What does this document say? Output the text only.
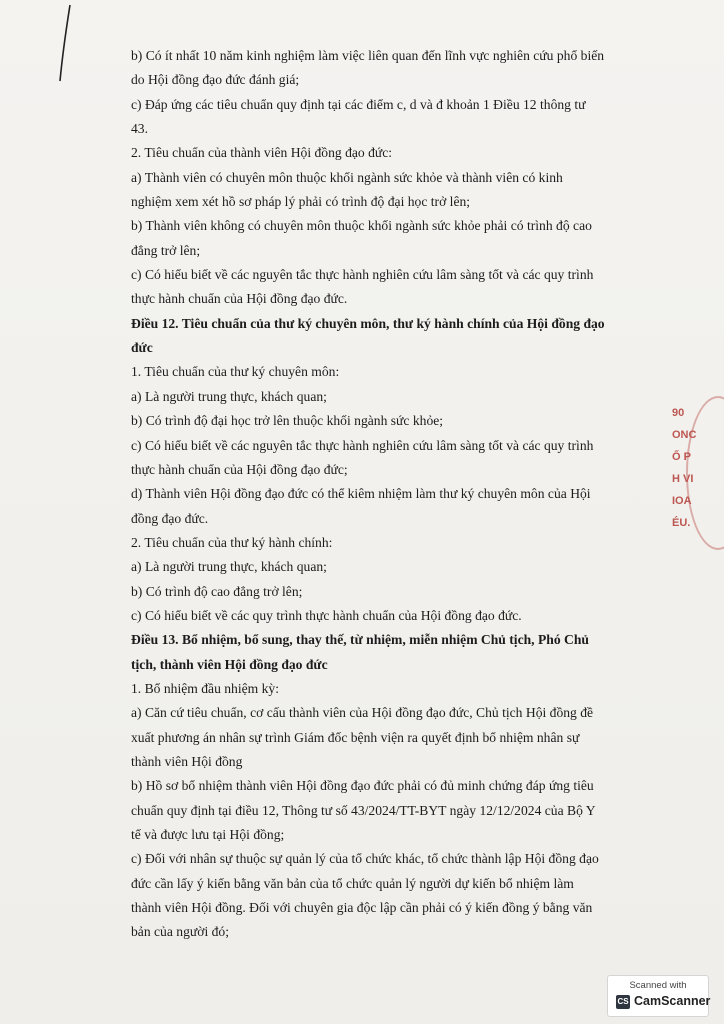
b) Có ít nhất 10 năm kinh nghiệm làm việc liên quan đến lĩnh vực nghiên cứu phổ biến

do Hội đồng đạo đức đánh giá;

c) Đáp ứng các tiêu chuẩn quy định tại các điểm c, d và đ khoản 1 Điều 12 thông tư

43.

2. Tiêu chuẩn của thành viên Hội đồng đạo đức:

a) Thành viên có chuyên môn thuộc khối ngành sức khỏe và thành viên có kinh

nghiệm xem xét hồ sơ pháp lý phải có trình độ đại học trở lên;

b) Thành viên không có chuyên môn thuộc khối ngành sức khỏe phải có trình độ cao

đẳng trở lên;

c) Có hiểu biết về các nguyên tắc thực hành nghiên cứu lâm sàng tốt và các quy trình

thực hành chuẩn của Hội đồng đạo đức.

Điều 12. Tiêu chuẩn của thư ký chuyên môn, thư ký hành chính của Hội đồng đạo

đức

1. Tiêu chuẩn của thư ký chuyên môn:

a) Là người trung thực, khách quan;

b) Có trình độ đại học trở lên thuộc khối ngành sức khỏe;

c) Có hiểu biết về các nguyên tắc thực hành nghiên cứu lâm sàng tốt và các quy trình

thực hành chuẩn của Hội đồng đạo đức;

d) Thành viên Hội đồng đạo đức có thể kiêm nhiệm làm thư ký chuyên môn của Hội

đồng đạo đức.

2. Tiêu chuẩn của thư ký hành chính:

a) Là người trung thực, khách quan;

b) Có trình độ cao đẳng trở lên;

c) Có hiểu biết về các quy trình thực hành chuẩn của Hội đồng đạo đức.

Điều 13. Bổ nhiệm, bổ sung, thay thế, từ nhiệm, miễn nhiệm Chủ tịch, Phó Chủ

tịch, thành viên Hội đồng đạo đức

1. Bổ nhiệm đầu nhiệm kỳ:

a) Căn cứ tiêu chuẩn, cơ cấu thành viên của Hội đồng đạo đức, Chủ tịch Hội đồng đề

xuất phương án nhân sự trình Giám đốc bệnh viện ra quyết định bổ nhiệm nhân sự

thành viên Hội đồng

b) Hồ sơ bổ nhiệm thành viên Hội đồng đạo đức phải có đủ minh chứng đáp ứng tiêu

chuẩn quy định tại điều 12, Thông tư số 43/2024/TT-BYT ngày 12/12/2024 của Bộ Y

tế và được lưu tại Hội đồng;

c) Đối với nhân sự thuộc sự quản lý của tổ chức khác, tổ chức thành lập Hội đồng đạo

đức cần lấy ý kiến bằng văn bản của tổ chức quản lý người dự kiến bổ nhiệm làm

thành viên Hội đồng. Đối với chuyên gia độc lập cần phải có ý kiến đồng ý bằng văn

bản của người đó;

90
ONC
Ố P
H VI
IOA
ÉU.
Scanned with
CS CamScanner
